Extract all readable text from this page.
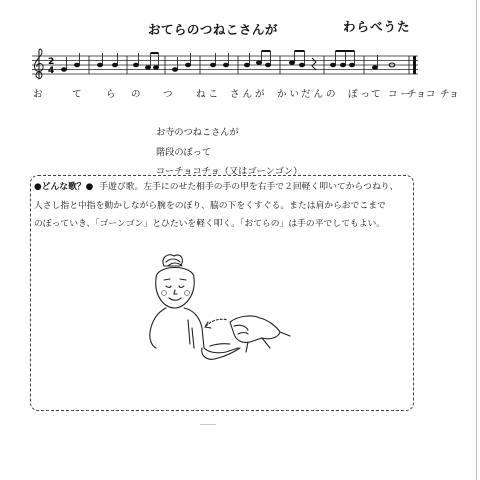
おてらのつねこさんが	わらべうた
2
4
お	て	ら の つ ね こ さ ん が か い だ ん の ぼ っ て コ ー
チョ コ チョ
お寺のつねこさんが
階段のぼって
コーチョコチョ（又はゴーンゴン）
●どんな歌？● 手遊び歌。左手にのせた相手の手の甲を右手で２回軽く叩いてからつねり、
人さし指と中指を動かしながら腕をのぼり、脇の下をくすぐる。または肩からおでこまで
のぼっていき、「ゴーンゴン」とひたいを軽く叩く。「おてらの」は手の平でしてもよい。
